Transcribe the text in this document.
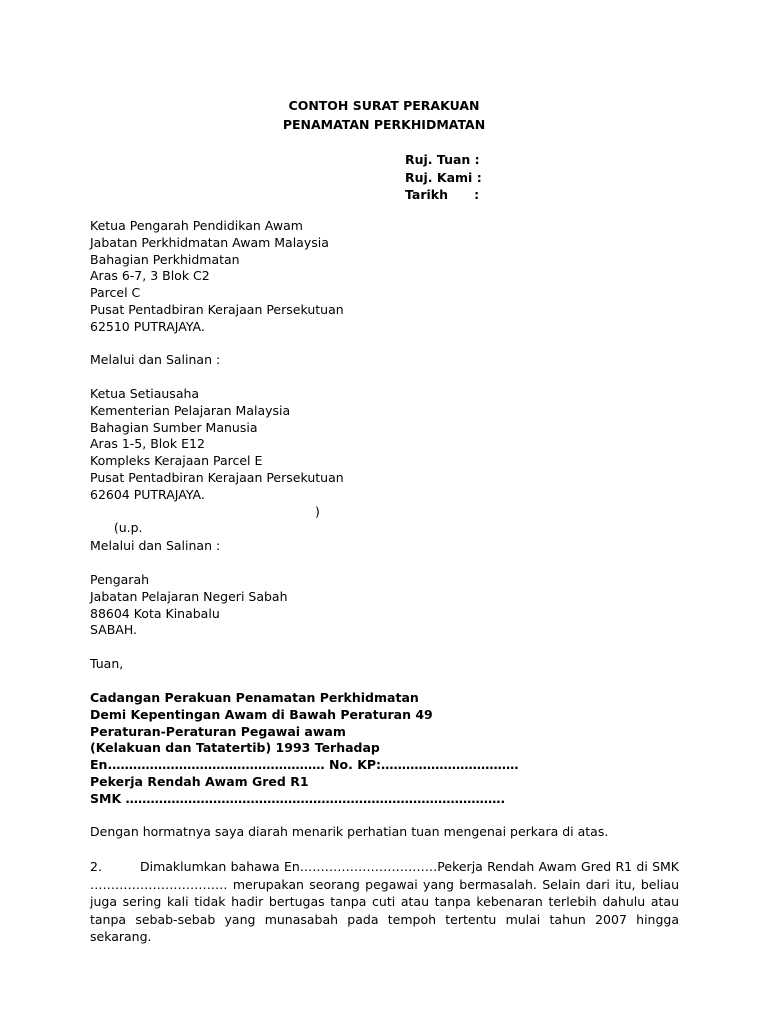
CONTOH SURAT PERAKUAN
PENAMATAN PERKHIDMATAN
Ruj. Tuan :
Ruj. Kami :
Tarikh      :
Ketua Pengarah Pendidikan Awam
Jabatan Perkhidmatan Awam Malaysia
Bahagian Perkhidmatan
Aras 6-7, 3 Blok C2
Parcel C
Pusat Pentadbiran Kerajaan Persekutuan
62510 PUTRAJAYA.
Melalui dan Salinan :
Ketua Setiausaha
Kementerian Pelajaran Malaysia
Bahagian Sumber Manusia
Aras 1-5, Blok E12
Kompleks Kerajaan Parcel E
Pusat Pentadbiran Kerajaan Persekutuan
62604 PUTRAJAYA.

(u.p.

)

Melalui dan Salinan :
Pengarah
Jabatan Pelajaran Negeri Sabah
88604 Kota Kinabalu
SABAH.
Tuan,
Cadangan Perakuan Penamatan Perkhidmatan
Demi Kepentingan Awam di Bawah Peraturan 49
Peraturan-Peraturan Pegawai awam
(Kelakuan dan Tatatertib) 1993 Terhadap
En.…………………………………………… No. KP:……………………………
Pekerja Rendah Awam Gred R1
SMK ……………………………………………………………………………….
Dengan hormatnya saya diarah menarik perhatian tuan mengenai perkara di atas.
2.	Dimaklumkan bahawa En……………………………Pekerja Rendah Awam Gred R1 di SMK …………………………… merupakan seorang pegawai yang bermasalah. Selain dari itu, beliau juga sering kali tidak hadir bertugas tanpa cuti atau tanpa kebenaran terlebih dahulu atau tanpa sebab-sebab yang munasabah pada tempoh tertentu mulai tahun 2007 hingga sekarang.
